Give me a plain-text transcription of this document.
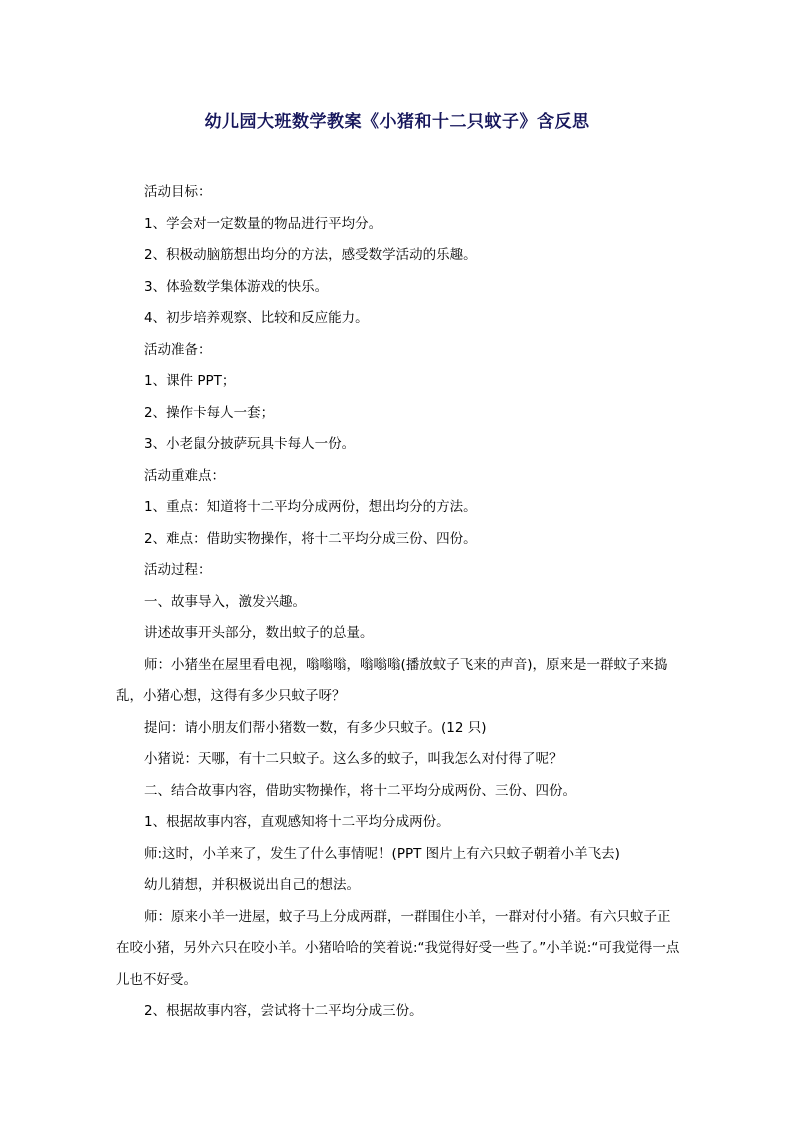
幼儿园大班数学教案《小猪和十二只蚊子》含反思

活动目标：

1、学会对一定数量的物品进行平均分。

2、积极动脑筋想出均分的方法，感受数学活动的乐趣。

3、体验数学集体游戏的快乐。

4、初步培养观察、比较和反应能力。

活动准备：

1、课件 PPT；

2、操作卡每人一套；

3、小老鼠分披萨玩具卡每人一份。

活动重难点：

1、重点：知道将十二平均分成两份，想出均分的方法。

2、难点：借助实物操作，将十二平均分成三份、四份。

活动过程：

一、故事导入，激发兴趣。

讲述故事开头部分，数出蚊子的总量。

师：小猪坐在屋里看电视，嗡嗡嗡，嗡嗡嗡(播放蚊子飞来的声音)，原来是一群蚊子来捣乱，小猪心想，这得有多少只蚊子呀？

提问：请小朋友们帮小猪数一数，有多少只蚊子。(12 只)

小猪说：天哪，有十二只蚊子。这么多的蚊子，叫我怎么对付得了呢？

二、结合故事内容，借助实物操作，将十二平均分成两份、三份、四份。

1、根据故事内容，直观感知将十二平均分成两份。

师:这时，小羊来了，发生了什么事情呢！(PPT 图片上有六只蚊子朝着小羊飞去)

幼儿猜想，并积极说出自己的想法。

师：原来小羊一进屋，蚊子马上分成两群，一群围住小羊，一群对付小猪。有六只蚊子正在咬小猪，另外六只在咬小羊。小猪哈哈的笑着说:“我觉得好受一些了。”小羊说:“可我觉得一点儿也不好受。

2、根据故事内容，尝试将十二平均分成三份。
